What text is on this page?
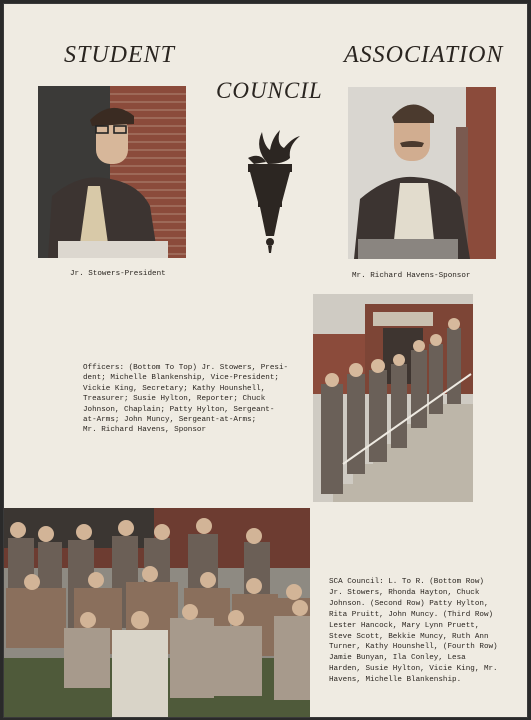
STUDENT	ASSOCIATION
COUNCIL
Jr. Stowers-President	Mr. Richard Havens-Sponsor
Officers: (Bottom To Top) Jr. Stowers, Presi-
dent; Michelle Blankenship, Vice-President;
Vickie King, Secretary; Kathy Hounshell,
Treasurer; Susie Hylton, Reporter; Chuck
Johnson, Chaplain; Patty Hylton, Sergeant-
at-Arms; John Muncy, Sergeant-at-Arms;
Mr. Richard Havens, Sponsor
SCA Council: L. To R. (Bottom Row)
Jr. Stowers, Rhonda Hayton, Chuck
Johnson. (Second Row) Patty Hylton,
Rita Pruitt, John Muncy. (Third Row)
Lester Hancock, Mary Lynn Pruett,
Steve Scott, Bekkie Muncy, Ruth Ann
Turner, Kathy Hounshell, (Fourth Row)
Jamie Bunyan, Ila Conley, Lesa
Harden, Susie Hylton, Vicie King, Mr.
Havens, Michelle Blankenship.
